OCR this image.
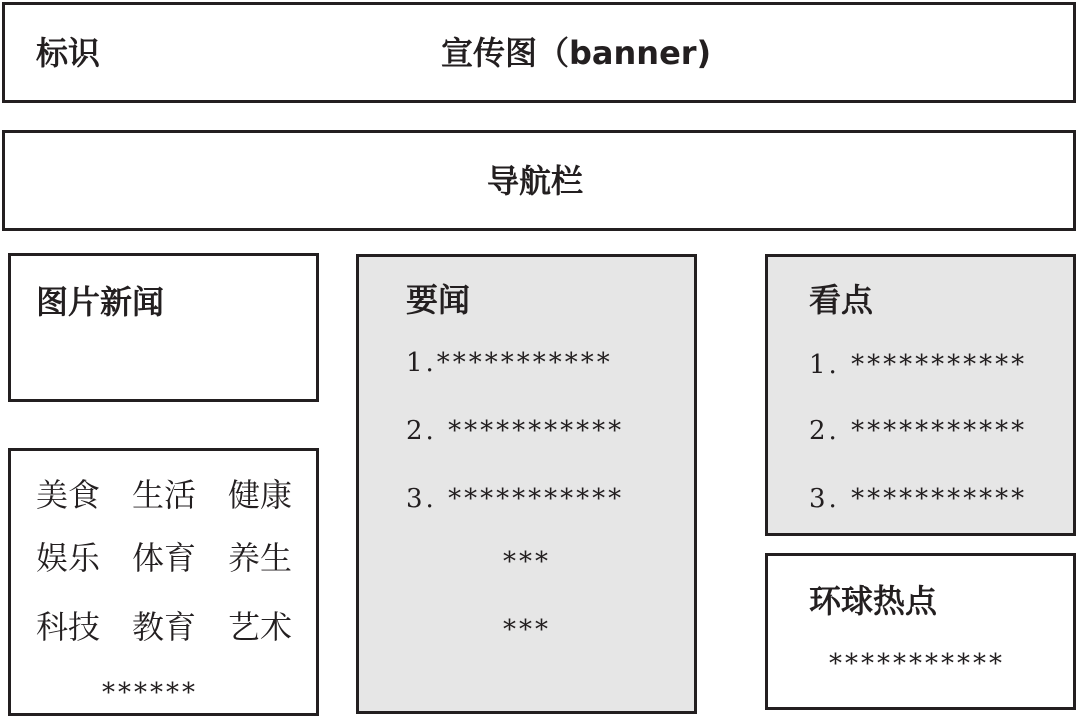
标识	宣传图（banner)
导航栏
图片新闻
美食 生活 健康
娱乐 体育 养生
科技 教育 艺术
******
要闻
1.***********
2. ***********
3. ***********
***
***
看点
1. ***********
2. ***********
3. ***********
环球热点
***********
